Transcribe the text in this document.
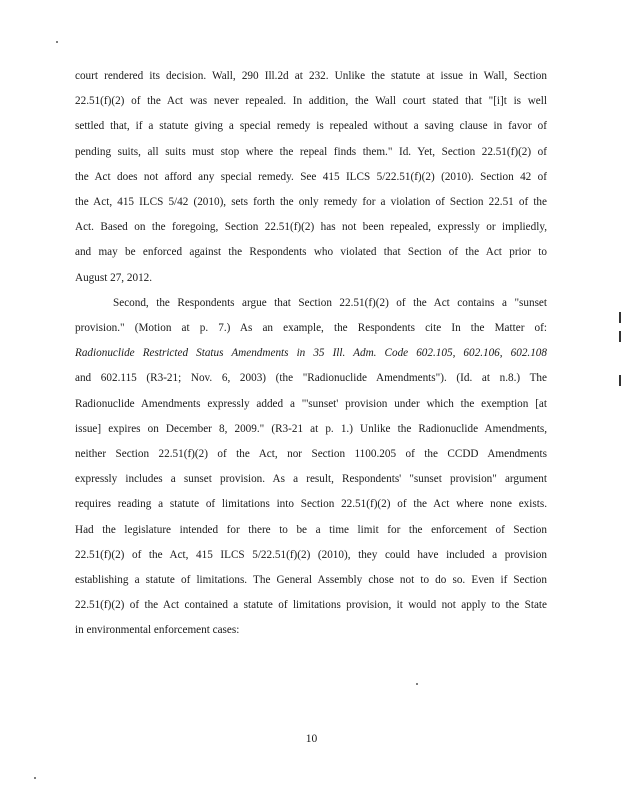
court rendered its decision. Wall, 290 Ill.2d at 232. Unlike the statute at issue in Wall, Section
22.51(f)(2) of the Act was never repealed. In addition, the Wall court stated that "[i]t is well
settled that, if a statute giving a special remedy is repealed without a saving clause in favor of
pending suits, all suits must stop where the repeal finds them." Id. Yet, Section 22.51(f)(2) of
the Act does not afford any special remedy. See 415 ILCS 5/22.51(f)(2) (2010). Section 42 of
the Act, 415 ILCS 5/42 (2010), sets forth the only remedy for a violation of Section 22.51 of the
Act. Based on the foregoing, Section 22.51(f)(2) has not been repealed, expressly or impliedly,
and may be enforced against the Respondents who violated that Section of the Act prior to
August 27, 2012.
Second, the Respondents argue that Section 22.51(f)(2) of the Act contains a "sunset
provision." (Motion at p. 7.) As an example, the Respondents cite In the Matter of:
Radionuclide Restricted Status Amendments in 35 Ill. Adm. Code 602.105, 602.106, 602.108
and 602.115 (R3-21; Nov. 6, 2003) (the "Radionuclide Amendments"). (Id. at n.8.) The
Radionuclide Amendments expressly added a "'sunset' provision under which the exemption [at
issue] expires on December 8, 2009." (R3-21 at p. 1.) Unlike the Radionuclide Amendments,
neither Section 22.51(f)(2) of the Act, nor Section 1100.205 of the CCDD Amendments
expressly includes a sunset provision. As a result, Respondents' "sunset provision" argument
requires reading a statute of limitations into Section 22.51(f)(2) of the Act where none exists.
Had the legislature intended for there to be a time limit for the enforcement of Section
22.51(f)(2) of the Act, 415 ILCS 5/22.51(f)(2) (2010), they could have included a provision
establishing a statute of limitations. The General Assembly chose not to do so. Even if Section
22.51(f)(2) of the Act contained a statute of limitations provision, it would not apply to the State
in environmental enforcement cases:
10
